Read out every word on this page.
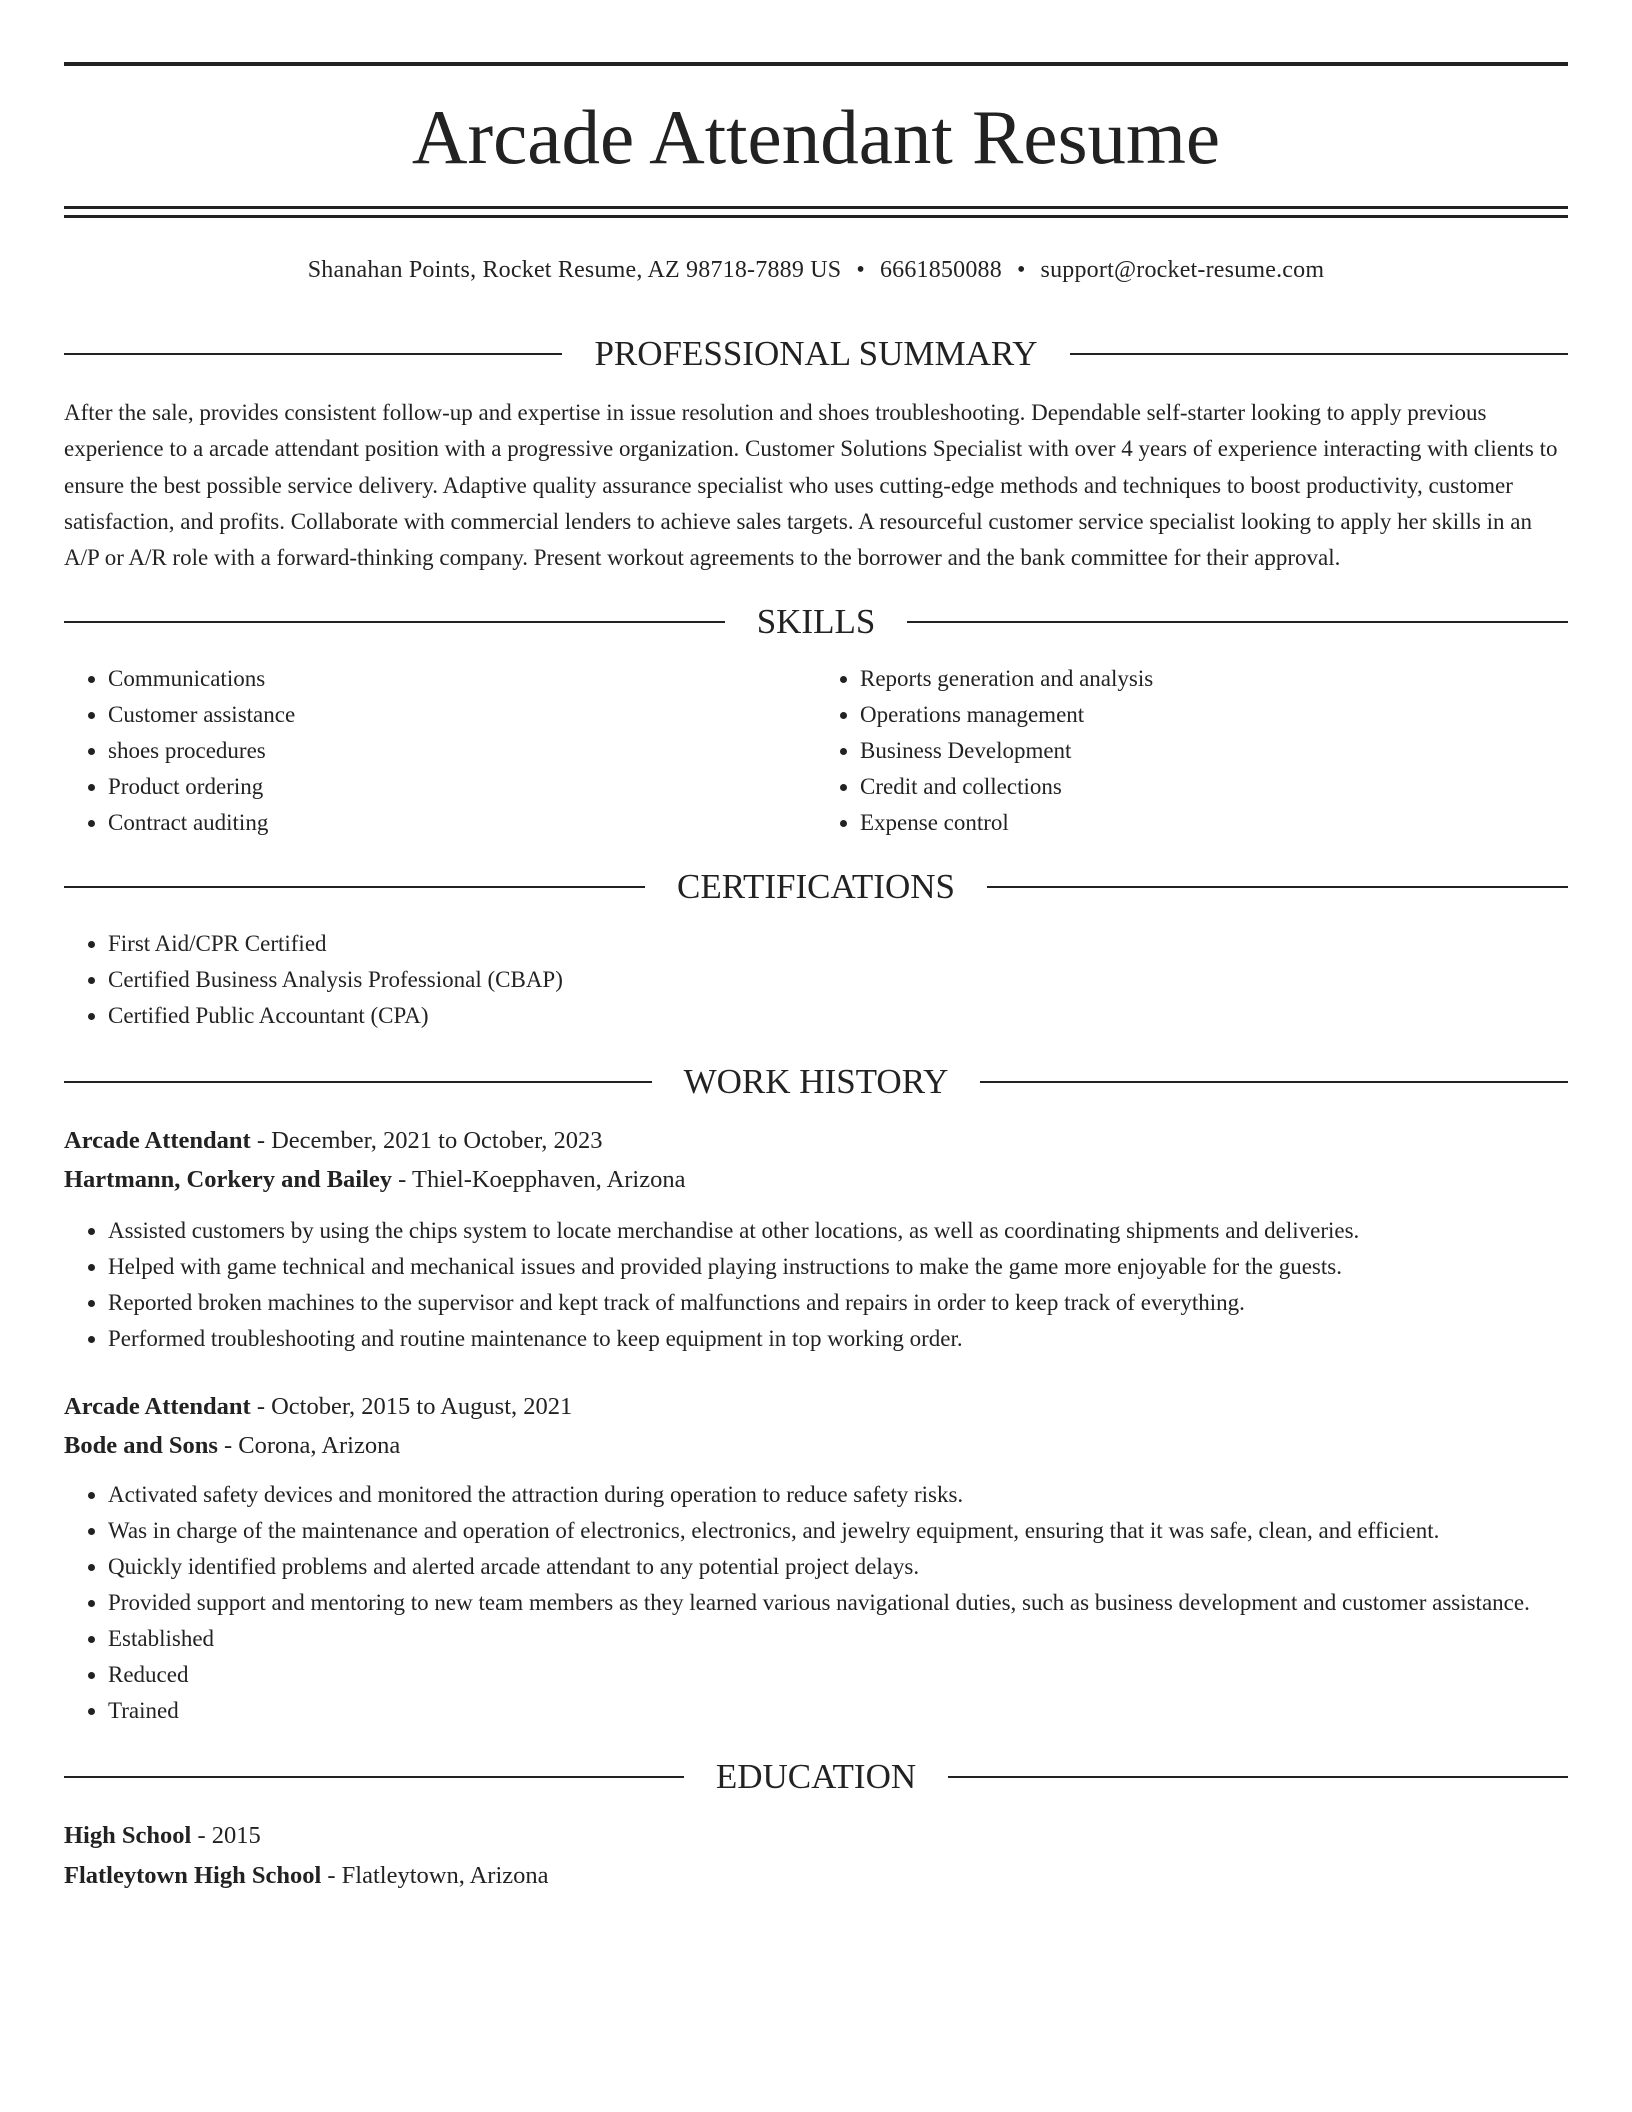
Arcade Attendant Resume
Shanahan Points, Rocket Resume, AZ 98718-7889 US • 6661850088 • support@rocket-resume.com
PROFESSIONAL SUMMARY

After the sale, provides consistent follow-up and expertise in issue resolution and shoes troubleshooting. Dependable self-starter looking to apply previous experience to a arcade attendant position with a progressive organization. Customer Solutions Specialist with over 4 years of experience interacting with clients to ensure the best possible service delivery. Adaptive quality assurance specialist who uses cutting-edge methods and techniques to boost productivity, customer satisfaction, and profits. Collaborate with commercial lenders to achieve sales targets. A resourceful customer service specialist looking to apply her skills in an A/P or A/R role with a forward-thinking company. Present workout agreements to the borrower and the bank committee for their approval.

SKILLS
• Communications
• Customer assistance
• shoes procedures
• Product ordering
• Contract auditing
• Reports generation and analysis
• Operations management
• Business Development
• Credit and collections
• Expense control
CERTIFICATIONS
• First Aid/CPR Certified
• Certified Business Analysis Professional (CBAP)
• Certified Public Accountant (CPA)
WORK HISTORY
Arcade Attendant - December, 2021 to October, 2023
Hartmann, Corkery and Bailey - Thiel-Koepphaven, Arizona
• Assisted customers by using the chips system to locate merchandise at other locations, as well as coordinating shipments and deliveries.
• Helped with game technical and mechanical issues and provided playing instructions to make the game more enjoyable for the guests.
• Reported broken machines to the supervisor and kept track of malfunctions and repairs in order to keep track of everything.
• Performed troubleshooting and routine maintenance to keep equipment in top working order.
Arcade Attendant - October, 2015 to August, 2021
Bode and Sons - Corona, Arizona
• Activated safety devices and monitored the attraction during operation to reduce safety risks.
• Was in charge of the maintenance and operation of electronics, electronics, and jewelry equipment, ensuring that it was safe, clean, and efficient.
• Quickly identified problems and alerted arcade attendant to any potential project delays.
• Provided support and mentoring to new team members as they learned various navigational duties, such as business development and customer assistance.
• Established
• Reduced
• Trained
EDUCATION
High School - 2015
Flatleytown High School - Flatleytown, Arizona
